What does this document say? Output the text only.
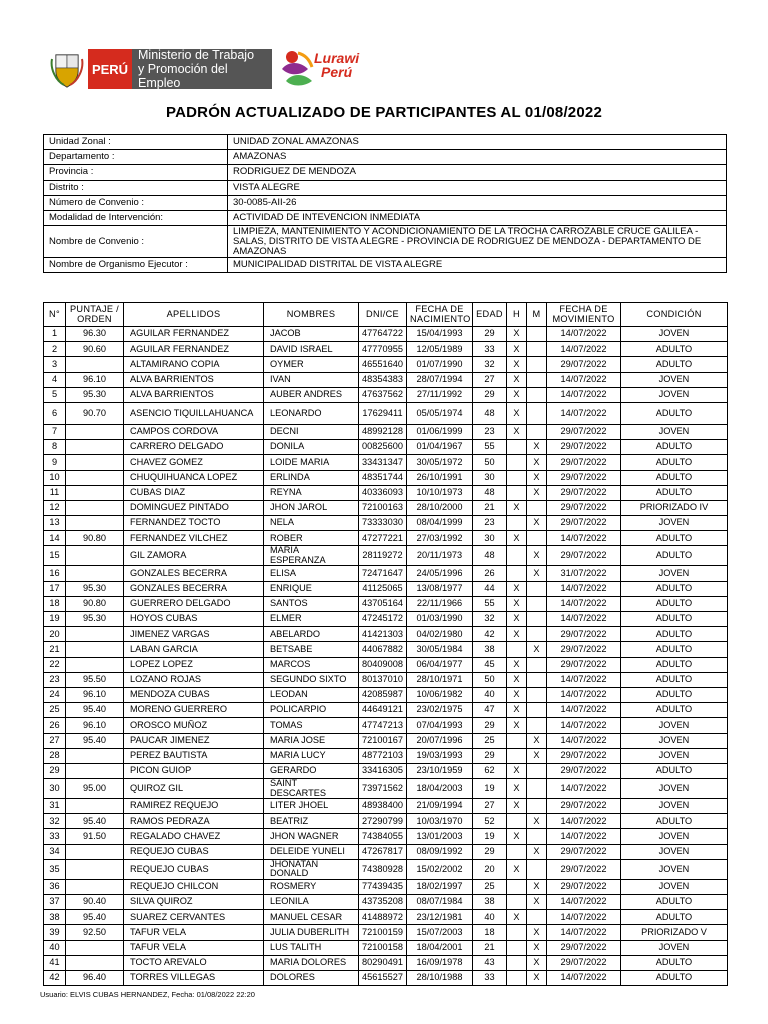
PERÚ
Ministerio de Trabajo
y Promoción del Empleo
Lurawi
Perú
PADRÓN ACTUALIZADO DE PARTICIPANTES AL 01/08/2022
Unidad Zonal :	UNIDAD ZONAL AMAZONAS
Departamento :	AMAZONAS
Provincia :	RODRIGUEZ DE MENDOZA
Distrito :	VISTA ALEGRE
Número de Convenio :	30-0085-AII-26
Modalidad de Intervención:	ACTIVIDAD DE INTEVENCION INMEDIATA
Nombre de Convenio :	LIMPIEZA, MANTENIMIENTO Y ACONDICIONAMIENTO DE LA TROCHA CARROZABLE CRUCE GALILEA - SALAS, DISTRITO DE VISTA ALEGRE - PROVINCIA DE RODRIGUEZ DE MENDOZA - DEPARTAMENTO DE AMAZONAS
Nombre de Organismo Ejecutor :	MUNICIPALIDAD DISTRITAL DE VISTA ALEGRE
N°	PUNTAJE / ORDEN	APELLIDOS	NOMBRES	DNI/CE	FECHA DE NACIMIENTO	EDAD	H	M	FECHA DE MOVIMIENTO	CONDICIÓN
1	96.30	AGUILAR FERNANDEZ	JACOB	47764722	15/04/1993	29	X		14/07/2022	JOVEN
2	90.60	AGUILAR FERNANDEZ	DAVID ISRAEL	47770955	12/05/1989	33	X		14/07/2022	ADULTO
3		ALTAMIRANO COPIA	OYMER	46551640	01/07/1990	32	X		29/07/2022	ADULTO
4	96.10	ALVA BARRIENTOS	IVAN	48354383	28/07/1994	27	X		14/07/2022	JOVEN
5	95.30	ALVA BARRIENTOS	AUBER ANDRES	47637562	27/11/1992	29	X		14/07/2022	JOVEN
6	90.70	ASENCIO TIQUILLAHUANCA	LEONARDO	17629411	05/05/1974	48	X		14/07/2022	ADULTO
7		CAMPOS CORDOVA	DECNI	48992128	01/06/1999	23	X		29/07/2022	JOVEN
8		CARRERO DELGADO	DONILA	00825600	01/04/1967	55		X	29/07/2022	ADULTO
9		CHAVEZ GOMEZ	LOIDE MARIA	33431347	30/05/1972	50		X	29/07/2022	ADULTO
10		CHUQUIHUANCA LOPEZ	ERLINDA	48351744	26/10/1991	30		X	29/07/2022	ADULTO
11		CUBAS DIAZ	REYNA	40336093	10/10/1973	48		X	29/07/2022	ADULTO
12		DOMINGUEZ PINTADO	JHON JAROL	72100163	28/10/2000	21	X		29/07/2022	PRIORIZADO IV
13		FERNANDEZ TOCTO	NELA	73333030	08/04/1999	23		X	29/07/2022	JOVEN
14	90.80	FERNANDEZ VILCHEZ	ROBER	47277221	27/03/1992	30	X		14/07/2022	ADULTO
15		GIL ZAMORA	MARIA ESPERANZA	28119272	20/11/1973	48		X	29/07/2022	ADULTO
16		GONZALES BECERRA	ELISA	72471647	24/05/1996	26		X	31/07/2022	JOVEN
17	95.30	GONZALES BECERRA	ENRIQUE	41125065	13/08/1977	44	X		14/07/2022	ADULTO
18	90.80	GUERRERO DELGADO	SANTOS	43705164	22/11/1966	55	X		14/07/2022	ADULTO
19	95.30	HOYOS CUBAS	ELMER	47245172	01/03/1990	32	X		14/07/2022	ADULTO
20		JIMENEZ VARGAS	ABELARDO	41421303	04/02/1980	42	X		29/07/2022	ADULTO
21		LABAN GARCIA	BETSABE	44067882	30/05/1984	38		X	29/07/2022	ADULTO
22		LOPEZ LOPEZ	MARCOS	80409008	06/04/1977	45	X		29/07/2022	ADULTO
23	95.50	LOZANO ROJAS	SEGUNDO SIXTO	80137010	28/10/1971	50	X		14/07/2022	ADULTO
24	96.10	MENDOZA CUBAS	LEODAN	42085987	10/06/1982	40	X		14/07/2022	ADULTO
25	95.40	MORENO GUERRERO	POLICARPIO	44649121	23/02/1975	47	X		14/07/2022	ADULTO
26	96.10	OROSCO MUÑOZ	TOMAS	47747213	07/04/1993	29	X		14/07/2022	JOVEN
27	95.40	PAUCAR JIMENEZ	MARIA JOSE	72100167	20/07/1996	25		X	14/07/2022	JOVEN
28		PEREZ BAUTISTA	MARIA LUCY	48772103	19/03/1993	29		X	29/07/2022	JOVEN
29		PICON GUIOP	GERARDO	33416305	23/10/1959	62	X		29/07/2022	ADULTO
30	95.00	QUIROZ GIL	SAINT DESCARTES	73971562	18/04/2003	19	X		14/07/2022	JOVEN
31		RAMIREZ REQUEJO	LITER JHOEL	48938400	21/09/1994	27	X		29/07/2022	JOVEN
32	95.40	RAMOS PEDRAZA	BEATRIZ	27290799	10/03/1970	52		X	14/07/2022	ADULTO
33	91.50	REGALADO CHAVEZ	JHON WAGNER	74384055	13/01/2003	19	X		14/07/2022	JOVEN
34		REQUEJO CUBAS	DELEIDE YUNELI	47267817	08/09/1992	29		X	29/07/2022	JOVEN
35		REQUEJO CUBAS	JHONATAN DONALD	74380928	15/02/2002	20	X		29/07/2022	JOVEN
36		REQUEJO CHILCON	ROSMERY	77439435	18/02/1997	25		X	29/07/2022	JOVEN
37	90.40	SILVA QUIROZ	LEONILA	43735208	08/07/1984	38		X	14/07/2022	ADULTO
38	95.40	SUAREZ CERVANTES	MANUEL CESAR	41488972	23/12/1981	40	X		14/07/2022	ADULTO
39	92.50	TAFUR VELA	JULIA DUBERLITH	72100159	15/07/2003	18		X	14/07/2022	PRIORIZADO V
40		TAFUR VELA	LUS TALITH	72100158	18/04/2001	21		X	29/07/2022	JOVEN
41		TOCTO AREVALO	MARIA DOLORES	80290491	16/09/1978	43		X	29/07/2022	ADULTO
42	96.40	TORRES VILLEGAS	DOLORES	45615527	28/10/1988	33		X	14/07/2022	ADULTO
Usuario: ELVIS CUBAS HERNANDEZ, Fecha: 01/08/2022 22:20
